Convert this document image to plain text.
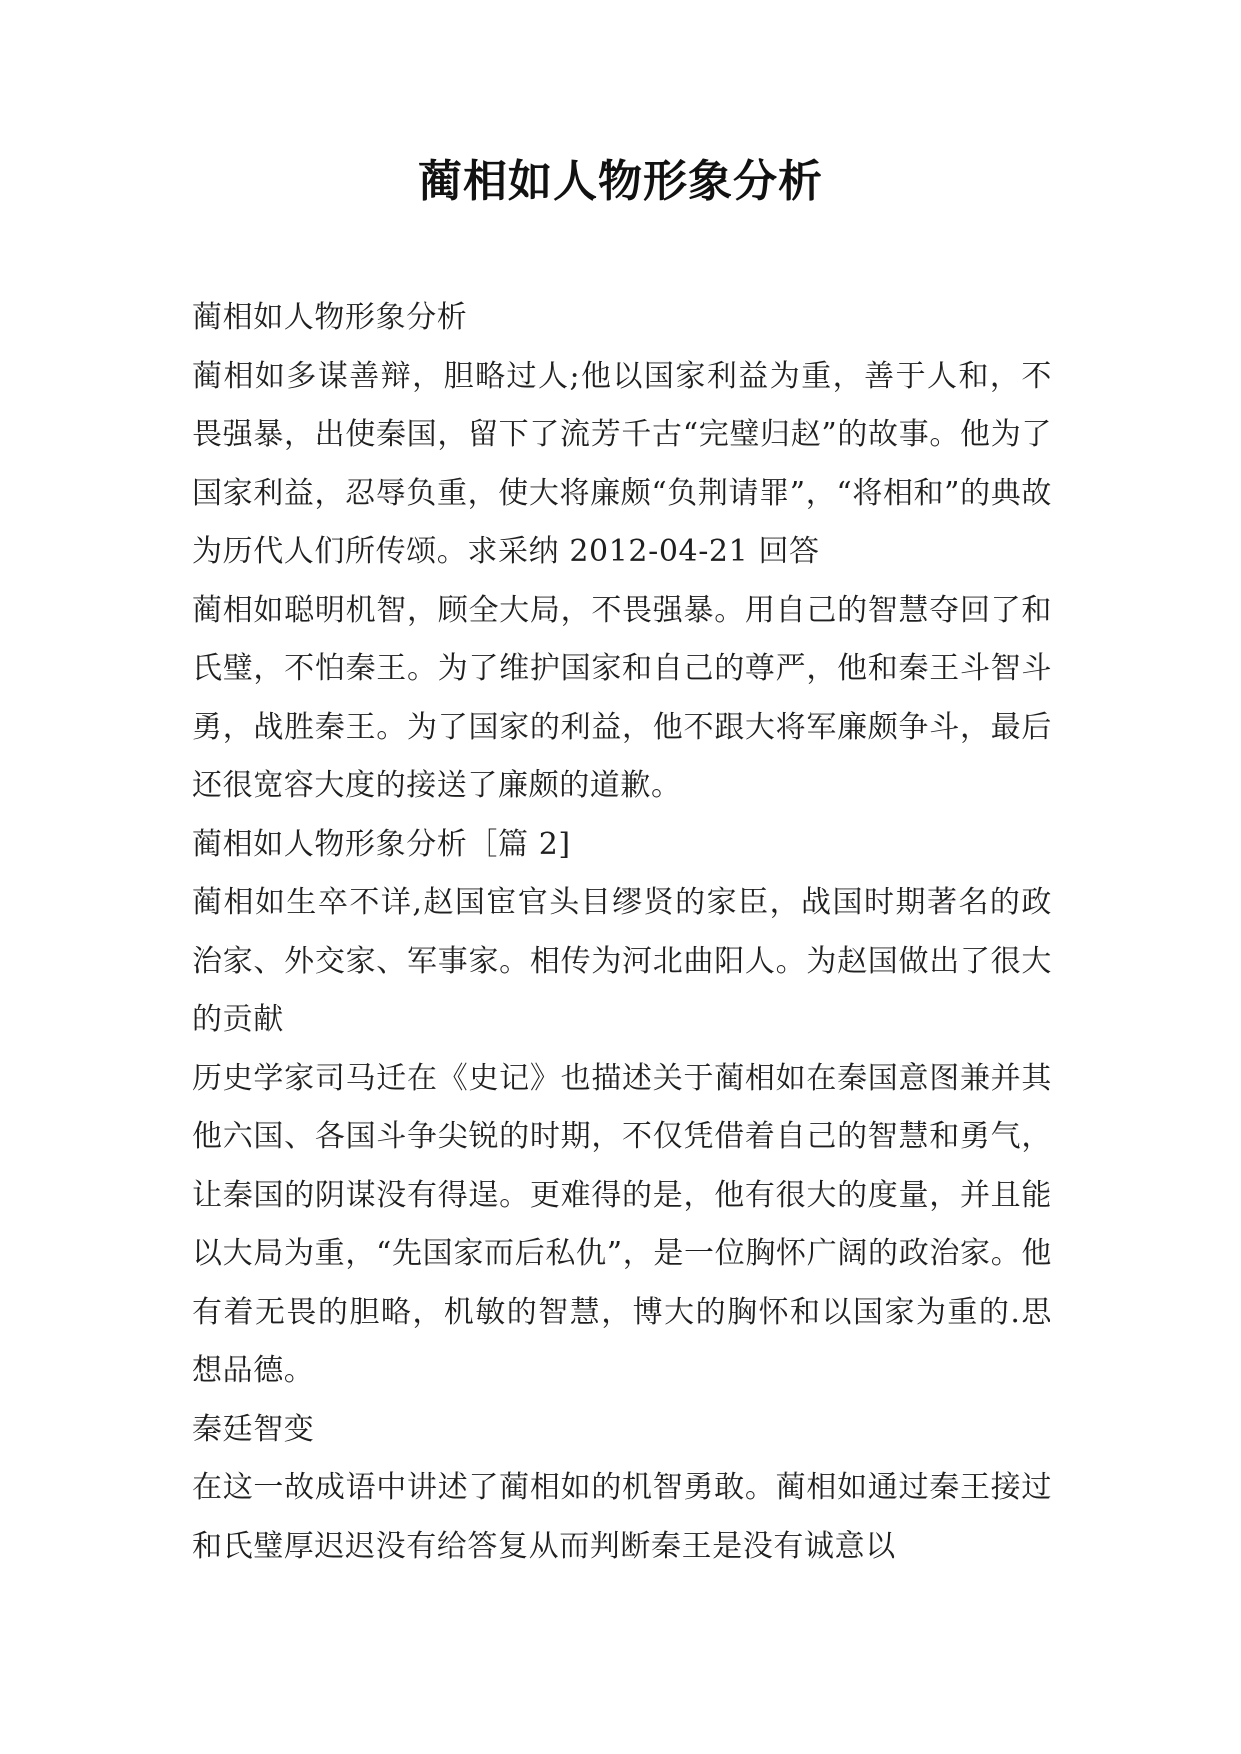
蔺相如人物形象分析

蔺相如人物形象分析

蔺相如多谋善辩，胆略过人;他以国家利益为重，善于人和，不畏强暴，出使秦国，留下了流芳千古“完璧归赵”的故事。他为了国家利益，忍辱负重，使大将廉颇“负荆请罪”，“将相和”的典故为历代人们所传颂。求采纳 2012-04-21 回答

蔺相如聪明机智，顾全大局，不畏强暴。用自己的智慧夺回了和氏璧，不怕秦王。为了维护国家和自己的尊严，他和秦王斗智斗勇，战胜秦王。为了国家的利益，他不跟大将军廉颇争斗，最后还很宽容大度的接送了廉颇的道歉。

蔺相如人物形象分析［篇 2]

蔺相如生卒不详,赵国宦官头目缪贤的家臣，战国时期著名的政治家、外交家、军事家。相传为河北曲阳人。为赵国做出了很大的贡献

历史学家司马迁在《史记》也描述关于蔺相如在秦国意图兼并其他六国、各国斗争尖锐的时期，不仅凭借着自己的智慧和勇气，让秦国的阴谋没有得逞。更难得的是，他有很大的度量，并且能以大局为重，“先国家而后私仇”，是一位胸怀广阔的政治家。他有着无畏的胆略，机敏的智慧，博大的胸怀和以国家为重的.思想品德。

秦廷智变

在这一故成语中讲述了蔺相如的机智勇敢。蔺相如通过秦王接过和氏璧厚迟迟没有给答复从而判断秦王是没有诚意以
